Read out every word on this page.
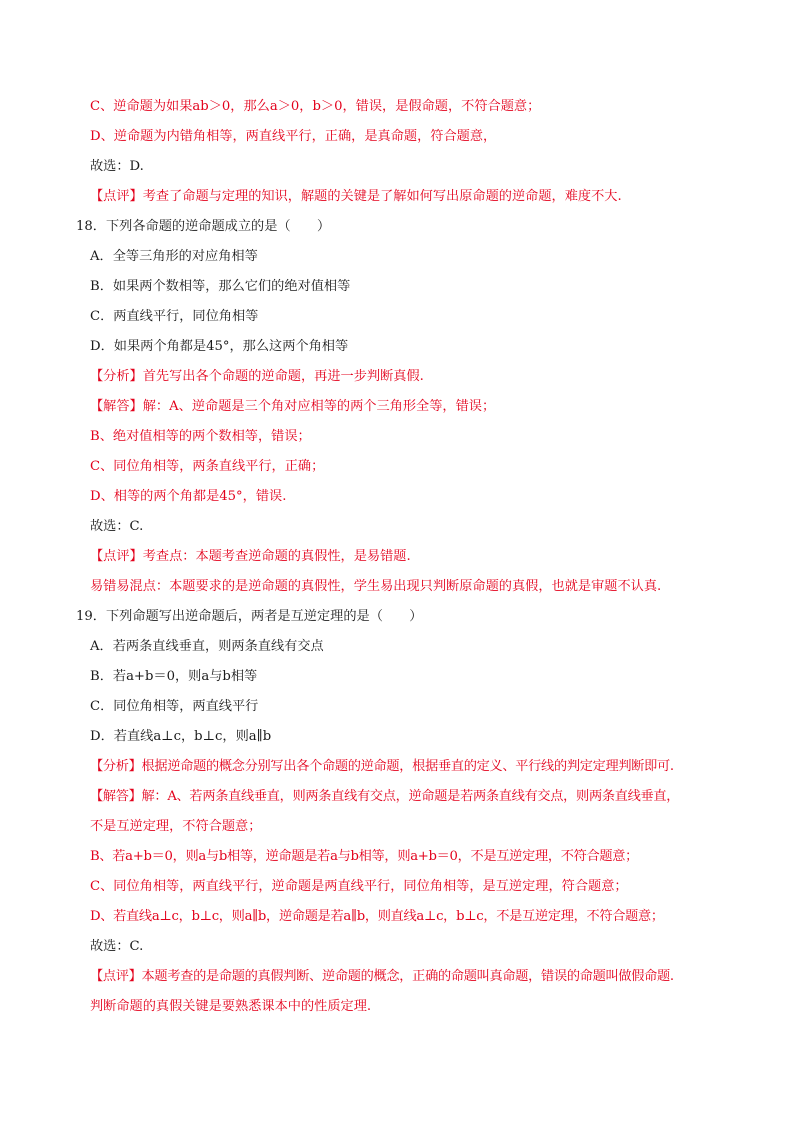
C、逆命题为如果ab＞0，那么a＞0，b＞0，错误，是假命题，不符合题意；
D、逆命题为内错角相等，两直线平行，正确，是真命题，符合题意，
故选：D.
【点评】考查了命题与定理的知识，解题的关键是了解如何写出原命题的逆命题，难度不大.
18．下列各命题的逆命题成立的是（　　）
A．全等三角形的对应角相等
B．如果两个数相等，那么它们的绝对值相等
C．两直线平行，同位角相等
D．如果两个角都是45°，那么这两个角相等
【分析】首先写出各个命题的逆命题，再进一步判断真假.
【解答】解：A、逆命题是三个角对应相等的两个三角形全等，错误；
B、绝对值相等的两个数相等，错误；
C、同位角相等，两条直线平行，正确；
D、相等的两个角都是45°，错误.
故选：C.
【点评】考查点：本题考查逆命题的真假性，是易错题.
易错易混点：本题要求的是逆命题的真假性，学生易出现只判断原命题的真假，也就是审题不认真.
19．下列命题写出逆命题后，两者是互逆定理的是（　　）
A．若两条直线垂直，则两条直线有交点
B．若a+b＝0，则a与b相等
C．同位角相等，两直线平行
D．若直线a⊥c，b⊥c，则a∥b
【分析】根据逆命题的概念分别写出各个命题的逆命题，根据垂直的定义、平行线的判定定理判断即可.
【解答】解：A、若两条直线垂直，则两条直线有交点，逆命题是若两条直线有交点，则两条直线垂直，
不是互逆定理，不符合题意；
B、若a+b＝0，则a与b相等，逆命题是若a与b相等，则a+b＝0，不是互逆定理，不符合题意；
C、同位角相等，两直线平行，逆命题是两直线平行，同位角相等，是互逆定理，符合题意；
D、若直线a⊥c，b⊥c，则a∥b，逆命题是若a∥b，则直线a⊥c，b⊥c，不是互逆定理，不符合题意；
故选：C.
【点评】本题考查的是命题的真假判断、逆命题的概念，正确的命题叫真命题，错误的命题叫做假命题.
判断命题的真假关键是要熟悉课本中的性质定理.
